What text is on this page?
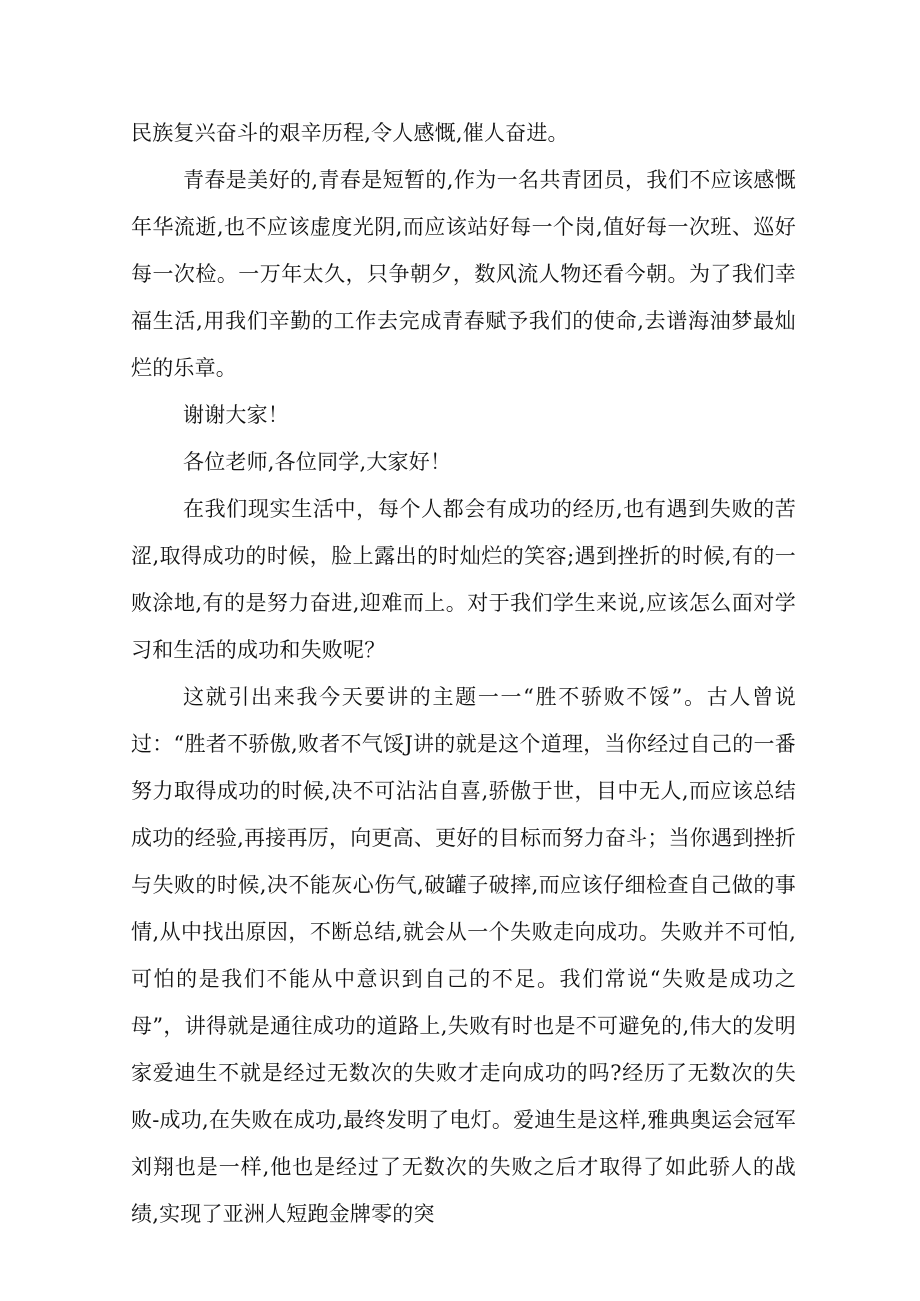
民族复兴奋斗的艰辛历程,令人感慨,催人奋进。

青春是美好的,青春是短暂的,作为一名共青团员，我们不应该感慨年华流逝,也不应该虚度光阴,而应该站好每一个岗,值好每一次班、巡好每一次检。一万年太久，只争朝夕，数风流人物还看今朝。为了我们幸福生活,用我们辛勤的工作去完成青春赋予我们的使命,去谱海油梦最灿烂的乐章。

谢谢大家！

各位老师,各位同学,大家好！

在我们现实生活中，每个人都会有成功的经历,也有遇到失败的苦涩,取得成功的时候，脸上露出的时灿烂的笑容;遇到挫折的时候,有的一败涂地,有的是努力奋进,迎难而上。对于我们学生来说,应该怎么面对学习和生活的成功和失败呢？

这就引出来我今天要讲的主题一一“胜不骄败不馁”。古人曾说过：“胜者不骄傲,败者不气馁J讲的就是这个道理，当你经过自己的一番努力取得成功的时候,决不可沾沾自喜,骄傲于世，目中无人,而应该总结成功的经验,再接再厉，向更高、更好的目标而努力奋斗；当你遇到挫折与失败的时候,决不能灰心伤气,破罐子破摔,而应该仔细检查自己做的事情,从中找出原因，不断总结,就会从一个失败走向成功。失败并不可怕,可怕的是我们不能从中意识到自己的不足。我们常说“失败是成功之母”，讲得就是通往成功的道路上,失败有时也是不可避免的,伟大的发明家爱迪生不就是经过无数次的失败才走向成功的吗?经历了无数次的失败-成功,在失败在成功,最终发明了电灯。爱迪生是这样,雅典奥运会冠军刘翔也是一样,他也是经过了无数次的失败之后才取得了如此骄人的战绩,实现了亚洲人短跑金牌零的突
